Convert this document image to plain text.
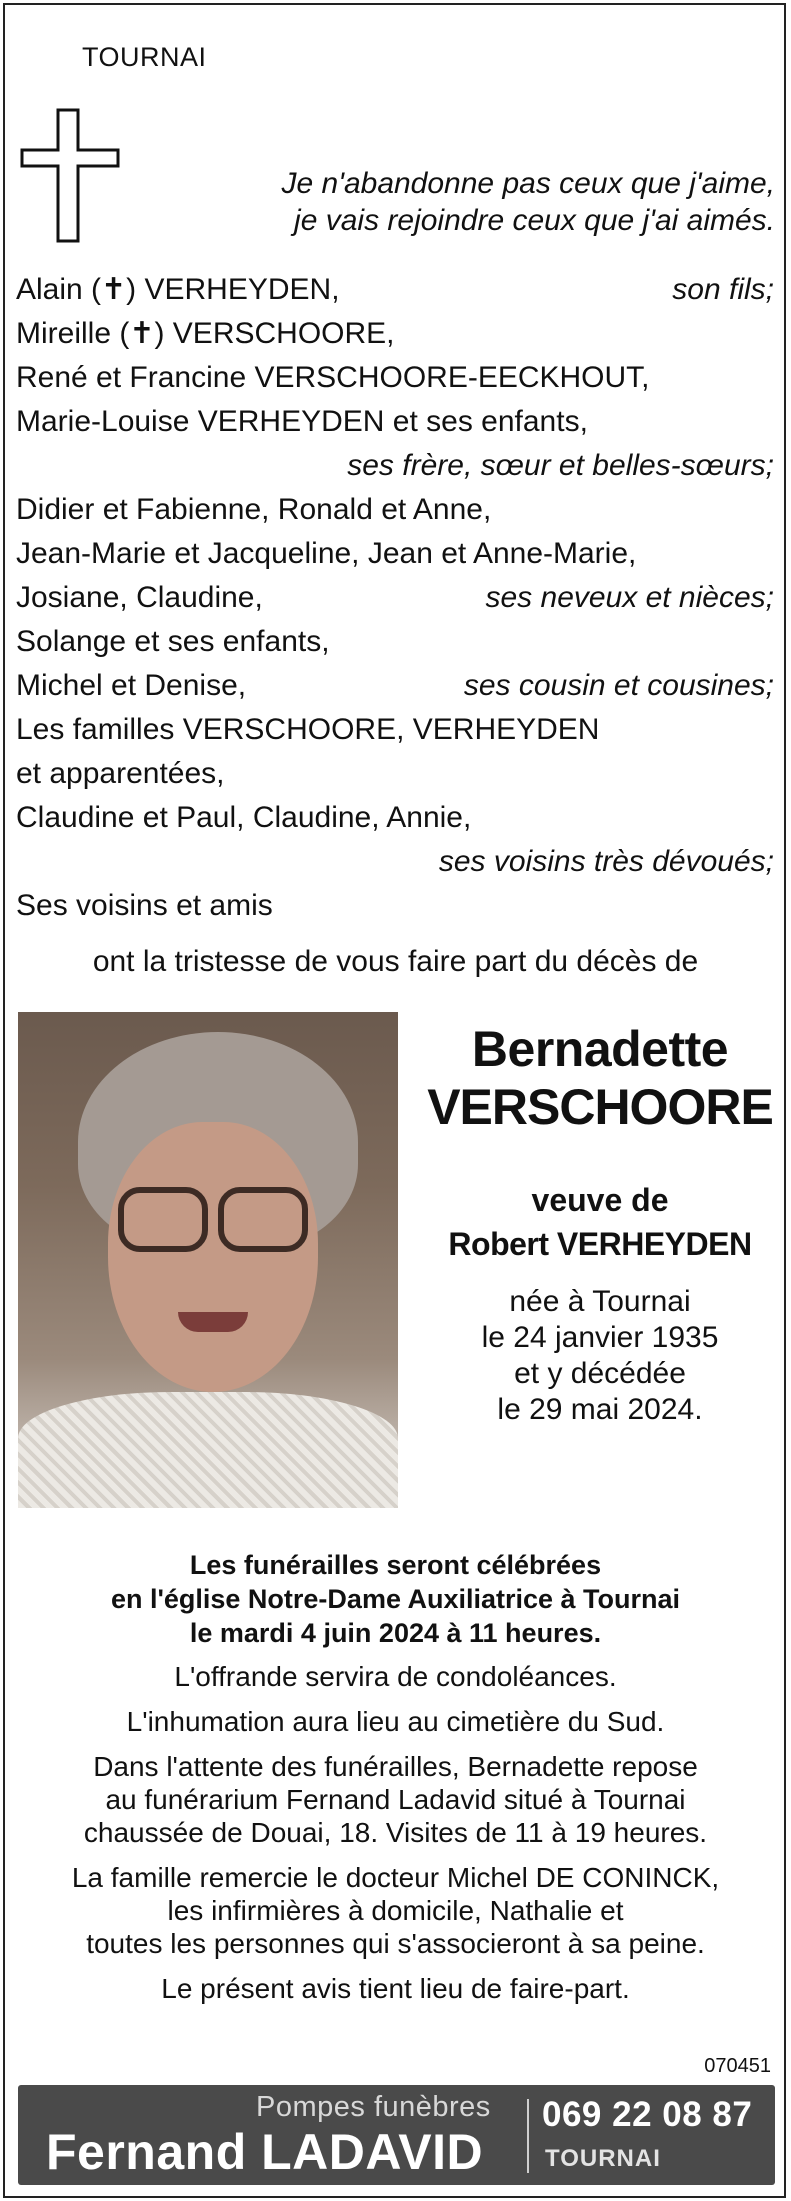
TOURNAI
Je n'abandonne pas ceux que j'aime,
je vais rejoindre ceux que j'ai aimés.
Alain (✝) VERHEYDEN,	son fils;
Mireille (✝) VERSCHOORE,
René et Francine VERSCHOORE-EECKHOUT,
Marie-Louise VERHEYDEN et ses enfants,
ses frère, sœur et belles-sœurs;
Didier et Fabienne, Ronald et Anne,
Jean-Marie et Jacqueline, Jean et Anne-Marie,
Josiane, Claudine,	ses neveux et nièces;
Solange et ses enfants,
Michel et Denise,	ses cousin et cousines;
Les familles VERSCHOORE, VERHEYDEN
et apparentées,
Claudine et Paul, Claudine, Annie,
ses voisins très dévoués;
Ses voisins et amis
ont la tristesse de vous faire part du décès de
Bernadette
VERSCHOORE
veuve de
Robert VERHEYDEN
née à Tournai
le 24 janvier 1935
et y décédée
le 29 mai 2024.
Les funérailles seront célébrées
en l'église Notre-Dame Auxiliatrice à Tournai
le mardi 4 juin 2024 à 11 heures.
L'offrande servira de condoléances.
L'inhumation aura lieu au cimetière du Sud.
Dans l'attente des funérailles, Bernadette repose
au funérarium Fernand Ladavid situé à Tournai
chaussée de Douai, 18. Visites de 11 à 19 heures.
La famille remercie le docteur Michel DE CONINCK,
les infirmières à domicile, Nathalie et
toutes les personnes qui s'associeront à sa peine.
Le présent avis tient lieu de faire-part.
070451
Pompes funèbres
Fernand LADAVID
069 22 08 87
TOURNAI
